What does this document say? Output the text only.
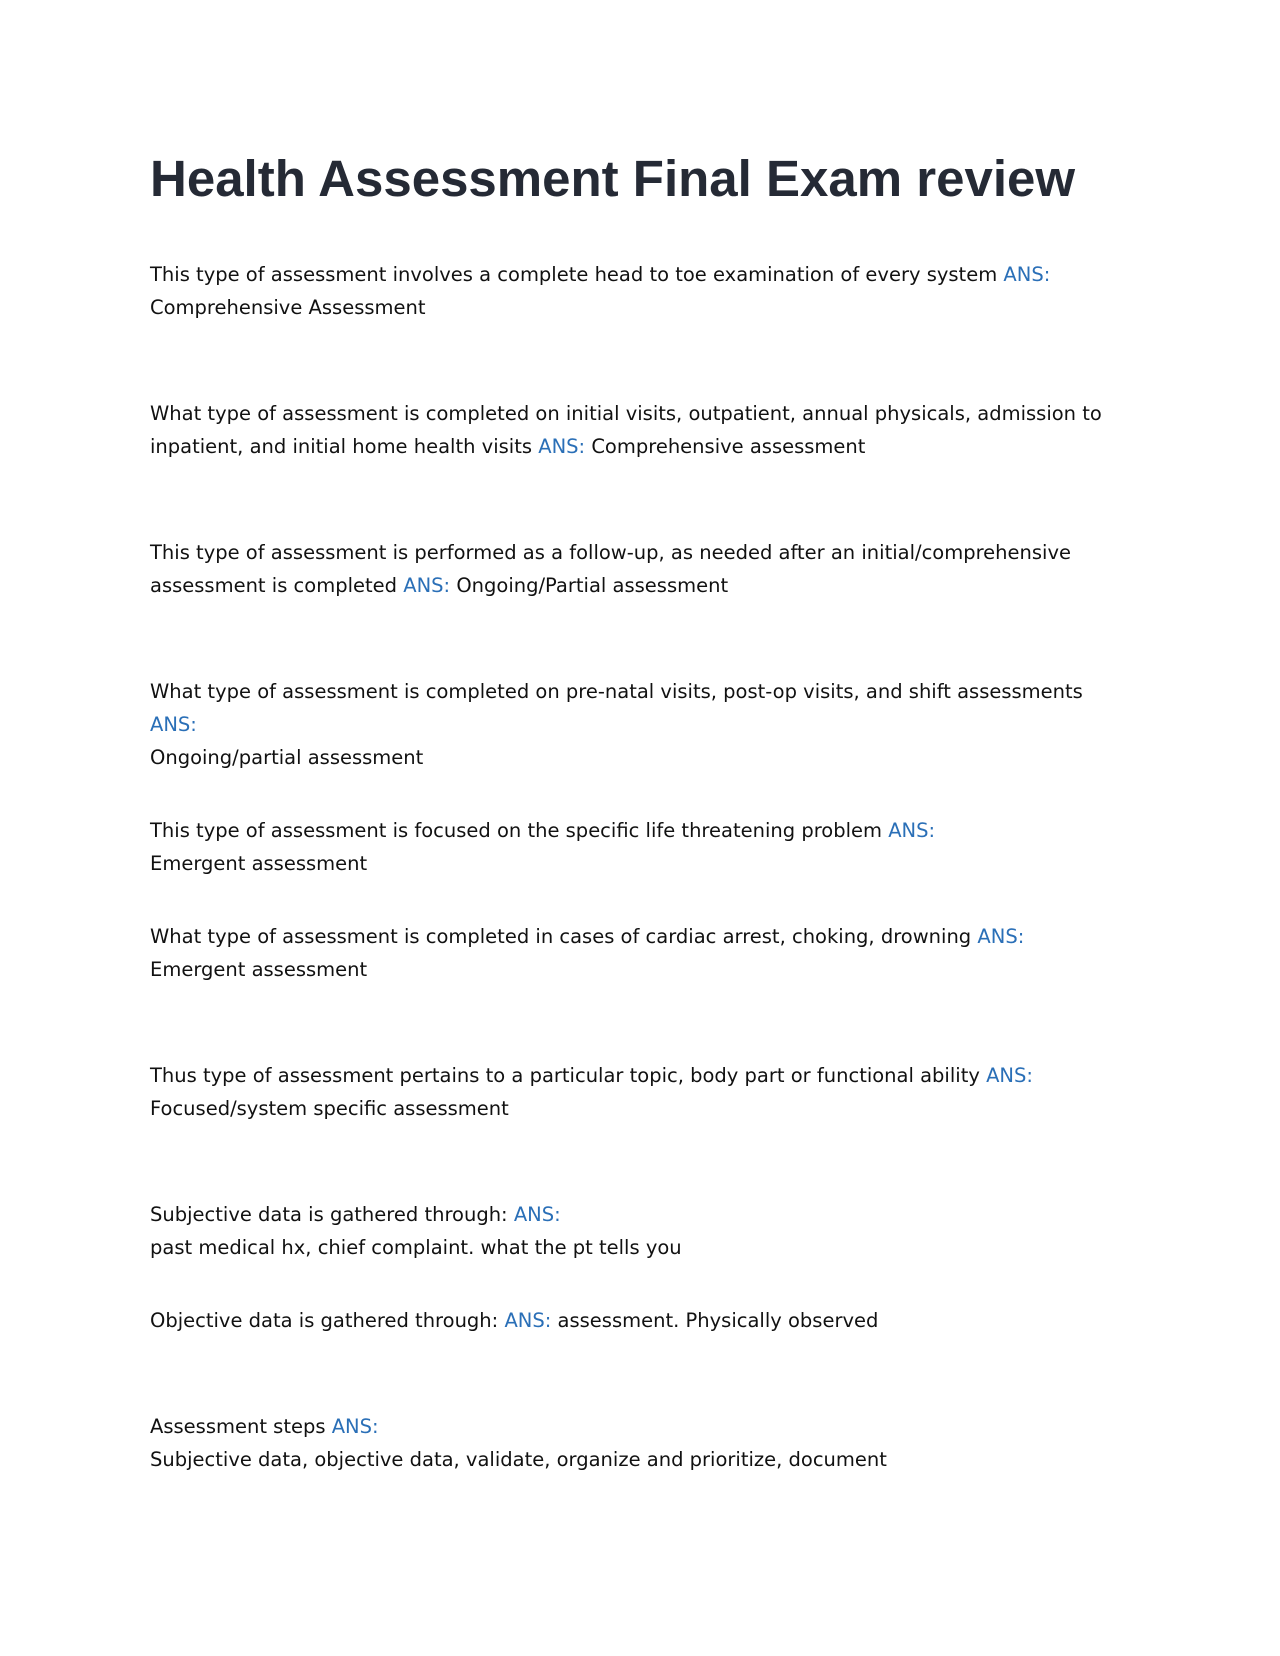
Health Assessment Final Exam review

This type of assessment involves a complete head to toe examination of every system ANS:
Comprehensive Assessment

What type of assessment is completed on initial visits, outpatient, annual physicals, admission to inpatient, and initial home health visits ANS: Comprehensive assessment

This type of assessment is performed as a follow-up, as needed after an initial/comprehensive assessment is completed ANS: Ongoing/Partial assessment

What type of assessment is completed on pre-natal visits, post-op visits, and shift assessments ANS:
Ongoing/partial assessment

This type of assessment is focused on the specific life threatening problem ANS:
Emergent assessment

What type of assessment is completed in cases of cardiac arrest, choking, drowning ANS:
Emergent assessment

Thus type of assessment pertains to a particular topic, body part or functional ability ANS:
Focused/system specific assessment

Subjective data is gathered through: ANS:
past medical hx, chief complaint. what the pt tells you

Objective data is gathered through: ANS: assessment. Physically observed

Assessment steps ANS:
Subjective data, objective data, validate, organize and prioritize, document
